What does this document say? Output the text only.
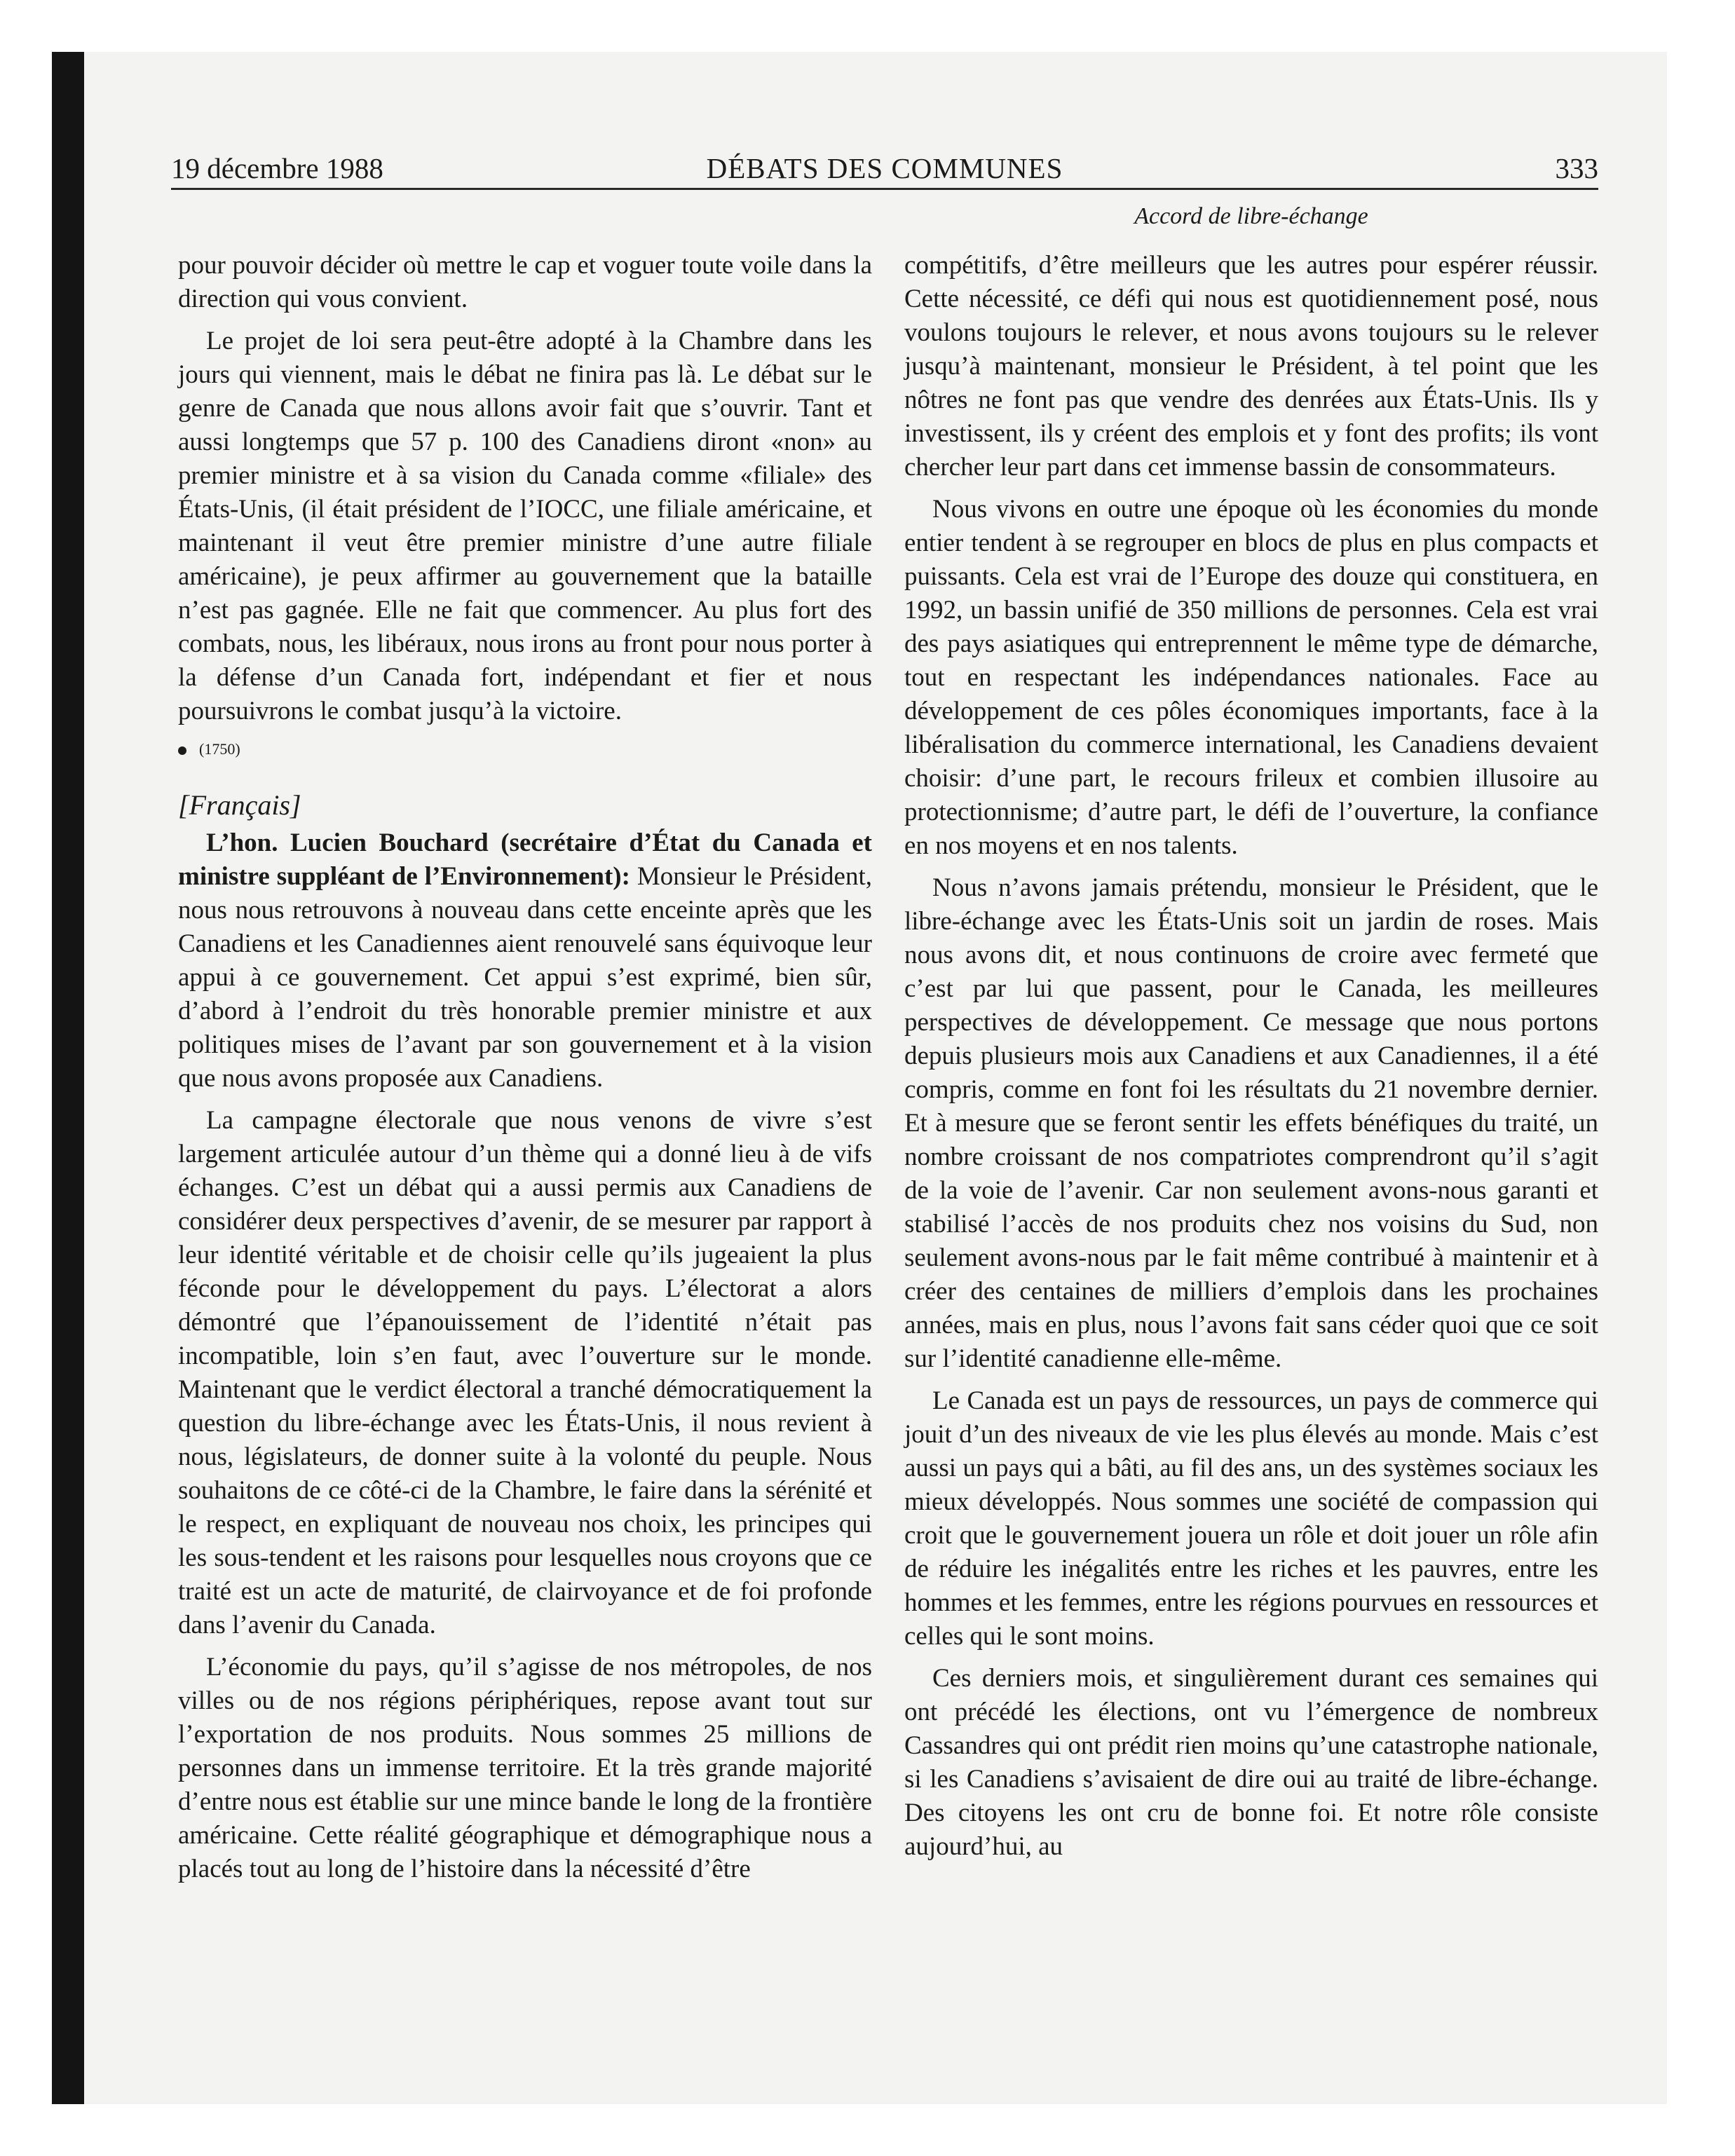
19 décembre 1988	DÉBATS DES COMMUNES	333
Accord de libre-échange

pour pouvoir décider où mettre le cap et voguer toute voile dans la direction qui vous convient.

Le projet de loi sera peut-être adopté à la Chambre dans les jours qui viennent, mais le débat ne finira pas là. Le débat sur le genre de Canada que nous allons avoir fait que s’ouvrir. Tant et aussi longtemps que 57 p. 100 des Canadiens diront «non» au premier ministre et à sa vision du Canada comme «filiale» des États-Unis, (il était président de l’IOCC, une filiale américaine, et maintenant il veut être premier ministre d’une autre filiale américaine), je peux affirmer au gouvernement que la bataille n’est pas gagnée. Elle ne fait que commencer. Au plus fort des combats, nous, les libéraux, nous irons au front pour nous porter à la défense d’un Canada fort, indépendant et fier et nous poursuivrons le combat jusqu’à la victoire.

(1750)
[Français]

L’hon. Lucien Bouchard (secrétaire d’État du Canada et ministre suppléant de l’Environnement): Monsieur le Président, nous nous retrouvons à nouveau dans cette enceinte après que les Canadiens et les Canadiennes aient renouvelé sans équivoque leur appui à ce gouvernement. Cet appui s’est exprimé, bien sûr, d’abord à l’endroit du très honorable premier ministre et aux politiques mises de l’avant par son gouvernement et à la vision que nous avons proposée aux Canadiens.

La campagne électorale que nous venons de vivre s’est largement articulée autour d’un thème qui a donné lieu à de vifs échanges. C’est un débat qui a aussi permis aux Canadiens de considérer deux perspectives d’avenir, de se mesurer par rapport à leur identité véritable et de choisir celle qu’ils jugeaient la plus féconde pour le développement du pays. L’électorat a alors démontré que l’épanouissement de l’identité n’était pas incompatible, loin s’en faut, avec l’ouverture sur le monde. Maintenant que le verdict électoral a tranché démocratiquement la question du libre-échange avec les États-Unis, il nous revient à nous, législateurs, de donner suite à la volonté du peuple. Nous souhaitons de ce côté-ci de la Chambre, le faire dans la sérénité et le respect, en expliquant de nouveau nos choix, les principes qui les sous-tendent et les raisons pour lesquelles nous croyons que ce traité est un acte de maturité, de clairvoyance et de foi profonde dans l’avenir du Canada.

L’économie du pays, qu’il s’agisse de nos métropoles, de nos villes ou de nos régions périphériques, repose avant tout sur l’exportation de nos produits. Nous sommes 25 millions de personnes dans un immense territoire. Et la très grande majorité d’entre nous est établie sur une mince bande le long de la frontière américaine. Cette réalité géographique et démographique nous a placés tout au long de l’histoire dans la nécessité d’être

compétitifs, d’être meilleurs que les autres pour espérer réussir. Cette nécessité, ce défi qui nous est quotidiennement posé, nous voulons toujours le relever, et nous avons toujours su le relever jusqu’à maintenant, monsieur le Président, à tel point que les nôtres ne font pas que vendre des denrées aux États-Unis. Ils y investissent, ils y créent des emplois et y font des profits; ils vont chercher leur part dans cet immense bassin de consommateurs.

Nous vivons en outre une époque où les économies du monde entier tendent à se regrouper en blocs de plus en plus compacts et puissants. Cela est vrai de l’Europe des douze qui constituera, en 1992, un bassin unifié de 350 millions de personnes. Cela est vrai des pays asiatiques qui entreprennent le même type de démarche, tout en respectant les indépendances nationales. Face au développement de ces pôles économiques importants, face à la libéralisation du commerce international, les Canadiens devaient choisir: d’une part, le recours frileux et combien illusoire au protectionnisme; d’autre part, le défi de l’ouverture, la confiance en nos moyens et en nos talents.

Nous n’avons jamais prétendu, monsieur le Président, que le libre-échange avec les États-Unis soit un jardin de roses. Mais nous avons dit, et nous continuons de croire avec fermeté que c’est par lui que passent, pour le Canada, les meilleures perspectives de développement. Ce message que nous portons depuis plusieurs mois aux Canadiens et aux Canadiennes, il a été compris, comme en font foi les résultats du 21 novembre dernier. Et à mesure que se feront sentir les effets bénéfiques du traité, un nombre croissant de nos compatriotes comprendront qu’il s’agit de la voie de l’avenir. Car non seulement avons-nous garanti et stabilisé l’accès de nos produits chez nos voisins du Sud, non seulement avons-nous par le fait même contribué à maintenir et à créer des centaines de milliers d’emplois dans les prochaines années, mais en plus, nous l’avons fait sans céder quoi que ce soit sur l’identité canadienne elle-même.

Le Canada est un pays de ressources, un pays de commerce qui jouit d’un des niveaux de vie les plus élevés au monde. Mais c’est aussi un pays qui a bâti, au fil des ans, un des systèmes sociaux les mieux développés. Nous sommes une société de compassion qui croit que le gouvernement jouera un rôle et doit jouer un rôle afin de réduire les inégalités entre les riches et les pauvres, entre les hommes et les femmes, entre les régions pourvues en ressources et celles qui le sont moins.

Ces derniers mois, et singulièrement durant ces semaines qui ont précédé les élections, ont vu l’émergence de nombreux Cassandres qui ont prédit rien moins qu’une catastrophe nationale, si les Canadiens s’avisaient de dire oui au traité de libre-échange. Des citoyens les ont cru de bonne foi. Et notre rôle consiste aujourd’hui, au
